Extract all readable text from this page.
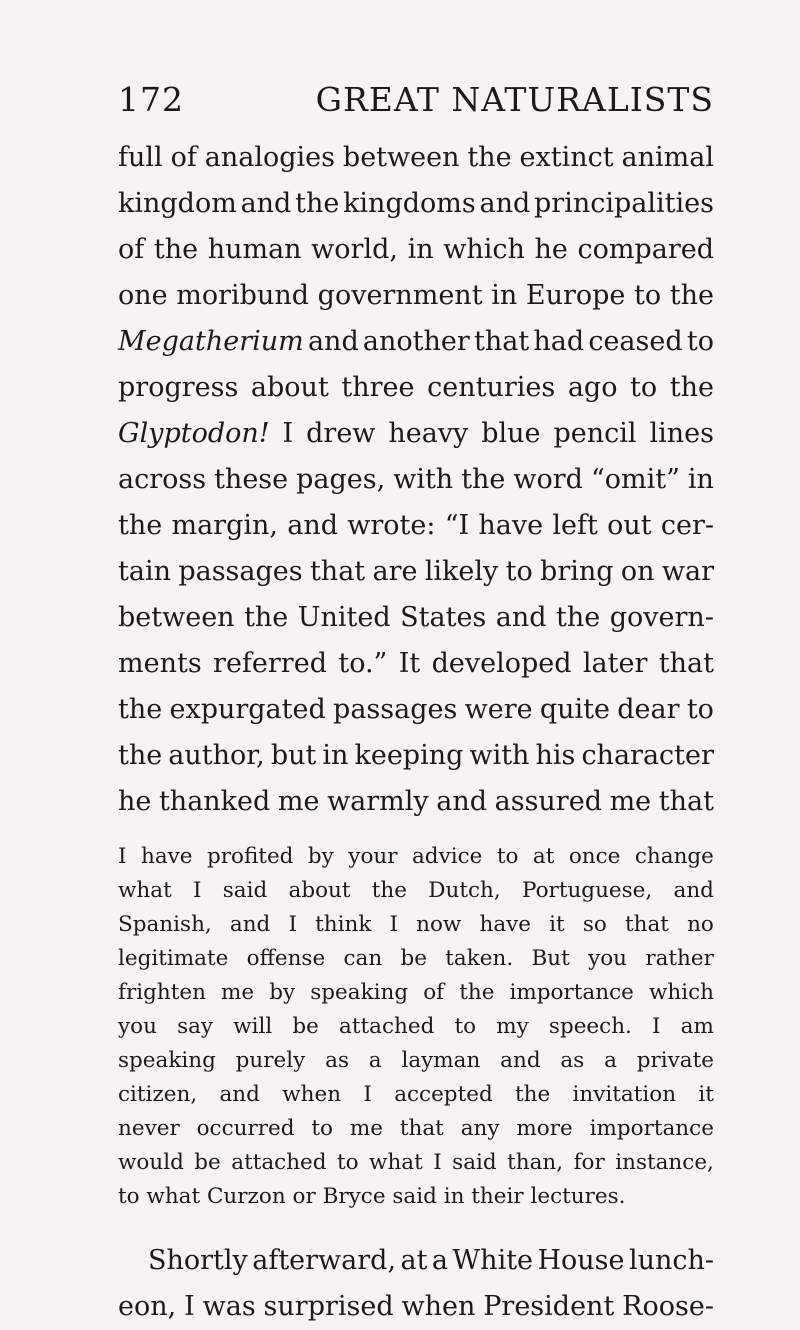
172	GREAT NATURALISTS
full of analogies between the extinct animal
kingdom and the kingdoms and principalities
of the human world, in which he compared
one moribund government in Europe to the
Megatherium and another that had ceased to
progress about three centuries ago to the
Glyptodon! I drew heavy blue pencil lines
across these pages, with the word “omit” in
the margin, and wrote: “I have left out cer-
tain passages that are likely to bring on war
between the United States and the govern-
ments referred to.” It developed later that
the expurgated passages were quite dear to
the author, but in keeping with his character
he thanked me warmly and assured me that
I have profited by your advice to at once change
what I said about the Dutch, Portuguese, and
Spanish, and I think I now have it so that no
legitimate offense can be taken. But you rather
frighten me by speaking of the importance which
you say will be attached to my speech. I am
speaking purely as a layman and as a private
citizen, and when I accepted the invitation it
never occurred to me that any more importance
would be attached to what I said than, for instance,
to what Curzon or Bryce said in their lectures.
Shortly afterward, at a White House lunch-
eon, I was surprised when President Roose-
